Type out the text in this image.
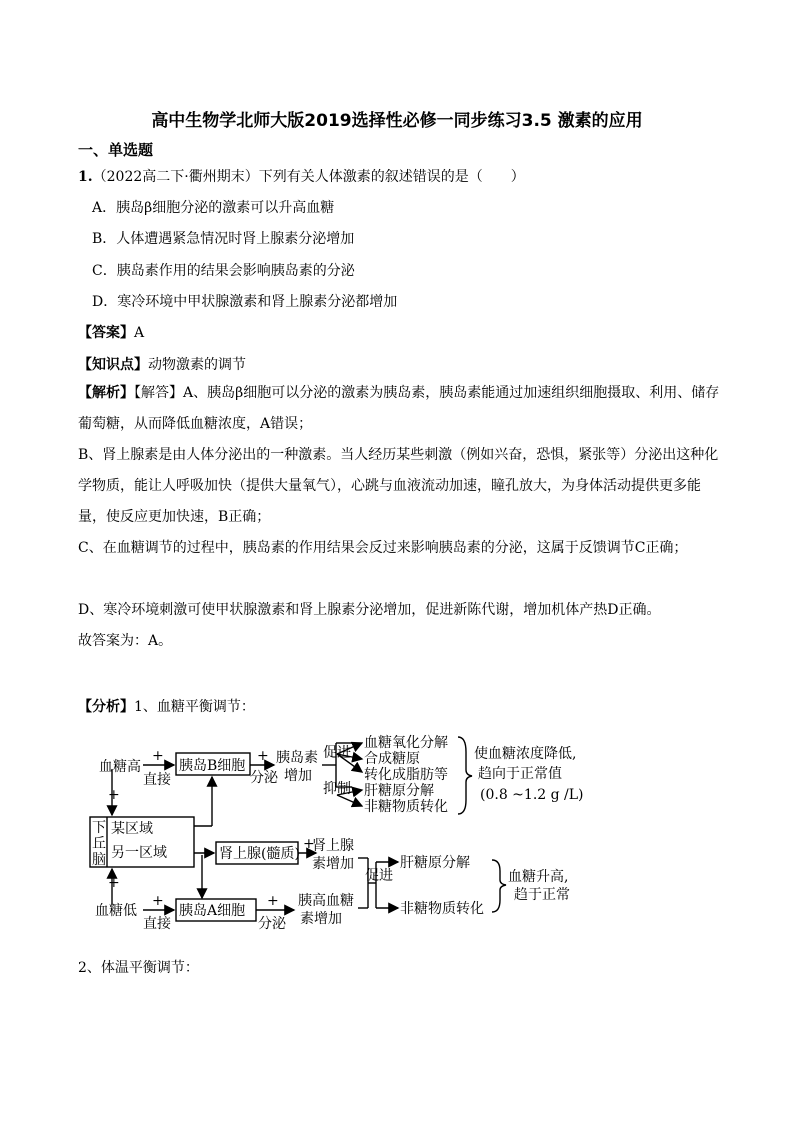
高中生物学北师大版2019选择性必修一同步练习3.5 激素的应用
一、单选题
1.（2022高二下·衢州期末）下列有关人体激素的叙述错误的是（　　）
A．胰岛β细胞分泌的激素可以升高血糖
B．人体遭遇紧急情况时肾上腺素分泌增加
C．胰岛素作用的结果会影响胰岛素的分泌
D．寒冷环境中甲状腺激素和肾上腺素分泌都增加
【答案】A
【知识点】动物激素的调节
【解析】【解答】A、胰岛β细胞可以分泌的激素为胰岛素，胰岛素能通过加速组织细胞摄取、利用、储存葡萄糖，从而降低血糖浓度，A错误；
B、肾上腺素是由人体分泌出的一种激素。当人经历某些刺激（例如兴奋，恐惧，紧张等）分泌出这种化学物质，能让人呼吸加快（提供大量氧气），心跳与血液流动加速，瞳孔放大，为身体活动提供更多能量，使反应更加快速，B正确；
C、在血糖调节的过程中，胰岛素的作用结果会反过来影响胰岛素的分泌，这属于反馈调节C正确；
D、寒冷环境刺激可使甲状腺激素和肾上腺素分泌增加，促进新陈代谢，增加机体产热D正确。
故答案为：A。
【分析】1、血糖平衡调节：
血糖高
+
直接
胰岛B细胞
+
分泌
胰岛素
增加
促进
抑制
血糖氧化分解
合成糖原
转化成脂肪等
肝糖原分解
非糖物质转化
使血糖浓度降低,
趋向于正常值
(0.8 ~1.2 g /L)
+
下
丘
脑
某区域
另一区域	肾上腺(髓质)
+
肾上腺
素增加
促进
肝糖原分解
非糖物质转化
血糖升高,
趋于正常
+
血糖低
+
直接
胰岛A细胞
+
分泌
胰高血糖
素增加
2、体温平衡调节：
